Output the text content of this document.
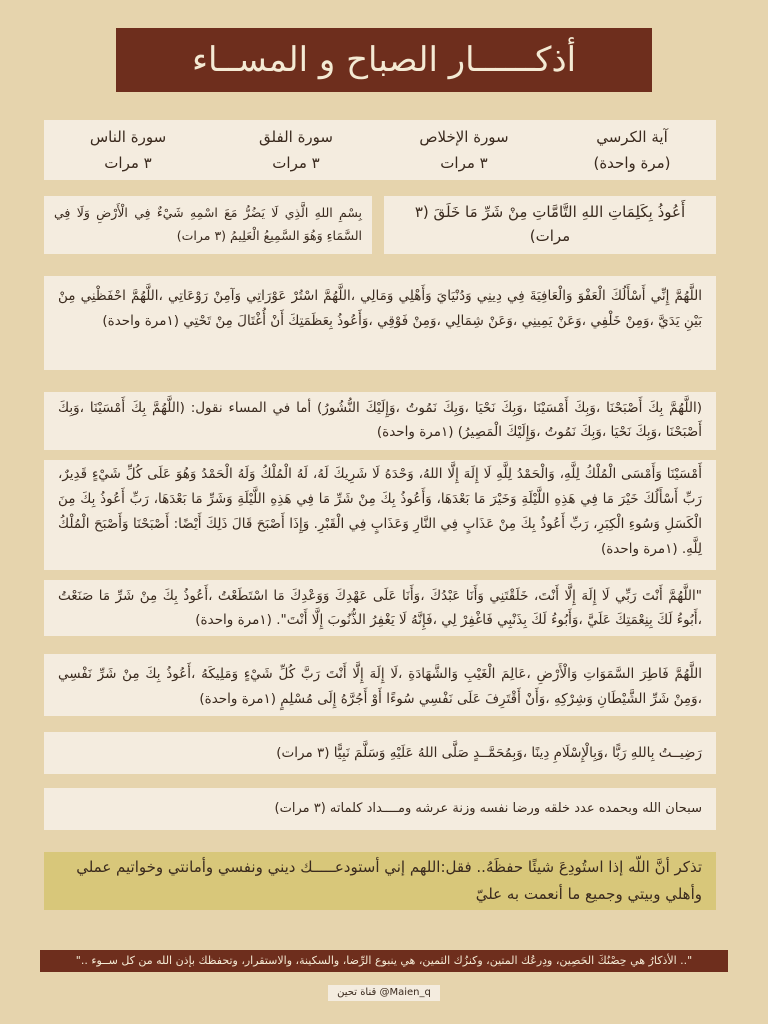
أذكــــــار الصباح و المســاء
آية الكرسي
(مرة واحدة)
سورة الإخلاص
٣ مرات
سورة الفلق
٣ مرات
سورة الناس
٣ مرات
أَعُوذُ بِكَلِمَاتِ اللهِ التَّامَّاتِ مِنْ شَرِّ مَا خَلَقَ (٣ مرات)
بِسْمِ اللهِ الَّذِي لَا يَضُرُّ مَعَ اسْمِهِ شَيْءٌ فِي الْأَرْضِ وَلَا فِي السَّمَاءِ وَهُوَ السَّمِيعُ الْعَلِيمُ (٣ مرات)
اللَّهُمَّ إِنِّي أَسْأَلُكَ الْعَفْوَ وَالْعَافِيَةَ فِي دِينِي وَدُنْيَايَ وَأَهْلِي وَمَالِي ،اللَّهُمَّ اسْتُرْ عَوْرَاتِي وَآمِنْ رَوْعَاتِي ،اللَّهُمَّ احْفَظْنِي مِنْ بَيْنِ يَدَيَّ ،وَمِنْ خَلْفِي ،وَعَنْ يَمِينِي ،وَعَنْ شِمَالِي ،وَمِنْ فَوْقِي ،وَأَعُوذُ بِعَظَمَتِكَ أَنْ أُغْتَالَ مِنْ تَحْتِي (١مرة واحدة)
(اللَّهُمَّ بِكَ أَصْبَحْنَا ،وَبِكَ أَمْسَيْنَا ،وَبِكَ نَحْيَا ،وَبِكَ نَمُوتُ ،وَإِلَيْكَ النُّشُورُ) أما في المساء نقول: (اللَّهُمَّ بِكَ أَمْسَيْنَا ،وَبِكَ أَصْبَحْنَا ،وَبِكَ نَحْيَا ،وَبِكَ نَمُوتُ ،وَإِلَيْكَ الْمَصِيرُ) (١مرة واحدة)
أَمْسَيْنَا وَأَمْسَى الْمُلْكُ لِلَّهِ، وَالْحَمْدُ لِلَّهِ لَا إِلَهَ إِلَّا اللهُ، وَحْدَهُ لَا شَرِيكَ لَهُ، لَهُ الْمُلْكُ وَلَهُ الْحَمْدُ وَهُوَ عَلَى كُلِّ شَيْءٍ قَدِيرٌ، رَبِّ أَسْأَلُكَ خَيْرَ مَا فِي هَذِهِ اللَّيْلَةِ وَخَيْرَ مَا بَعْدَهَا، وَأَعُوذُ بِكَ مِنْ شَرِّ مَا فِي هَذِهِ اللَّيْلَةِ وَشَرِّ مَا بَعْدَهَا، رَبِّ أَعُوذُ بِكَ مِنَ الْكَسَلِ وَسُوءِ الْكِبَرِ، رَبِّ أَعُوذُ بِكَ مِنْ عَذَابٍ فِي النَّارِ وَعَذَابٍ فِي الْقَبْرِ. وَإِذَا أَصْبَحَ قَالَ ذَلِكَ أَيْضًا: أَصْبَحْنَا وَأَصْبَحَ الْمُلْكُ لِلَّهِ. (١مرة واحدة)
"اللَّهُمَّ أَنْتَ رَبِّي لَا إِلَهَ إِلَّا أَنْتَ، خَلَقْتَنِي وَأَنَا عَبْدُكَ ،وَأَنَا عَلَى عَهْدِكَ وَوَعْدِكَ مَا اسْتَطَعْتُ ،أَعُوذُ بِكَ مِنْ شَرِّ مَا صَنَعْتُ ،أَبُوءُ لَكَ بِنِعْمَتِكَ عَلَيَّ ،وَأَبُوءُ لَكَ بِذَنْبِي فَاغْفِرْ لِي ،فَإِنَّهُ لَا يَغْفِرُ الذُّنُوبَ إِلَّا أَنْتَ". (١مرة واحدة)
اللَّهُمَّ فَاطِرَ السَّمَوَاتِ وَالْأَرْضِ ،عَالِمَ الْغَيْبِ وَالشَّهَادَةِ ،لَا إِلَهَ إِلَّا أَنْتَ رَبَّ كُلِّ شَيْءٍ وَمَلِيكَهُ ،أَعُوذُ بِكَ مِنْ شَرِّ نَفْسِي ،وَمِنْ شَرِّ الشَّيْطَانِ وَشِرْكِهِ ،وَأَنْ أَقْتَرِفَ عَلَى نَفْسِي سُوءًا أَوْ أَجُرَّهُ إِلَى مُسْلِمٍ (١مرة واحدة)
رَضِيــتُ بِاللهِ رَبًّا ،وَبِالْإِسْلَامِ دِينًا ،وَبِمُحَمَّــدٍ صَلَّى اللهُ عَلَيْهِ وَسَلَّمَ نَبِيًّا (٣ مرات)
سبحان الله وبحمده عدد خلقه ورضا نفسه وزنة عرشه ومــــداد كلماته (٣ مرات)
تذكر أنَّ اللّه إذا استُودِعَ شيئًا حفظَهُ.. فقل:اللهم إني أستودعـــــك ديني ونفسي وأمانتي وخواتيم عملي وأهلي وبيتي وجميع ما أنعمت به عليّ
".. الأذكارُ هي حِصْنُكَ الحَصِين، ودِرعُك المتين، وكنزُك الثمين، هي ينبوع الرِّضا، والسكينة، والاستقرار، وتحفظك بإذن الله من كل ســوء .."
قناة تحين @Maien_q
